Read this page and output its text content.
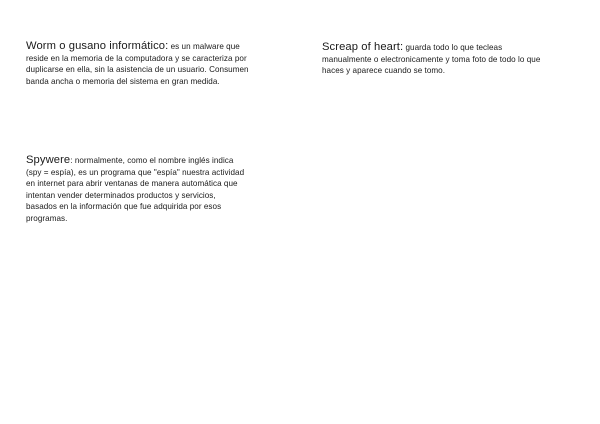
Worm o gusano informático: es un malware que
reside en la memoria de la computadora y se caracteriza por
duplicarse en ella, sin la asistencia de un usuario. Consumen
banda ancha o memoria del sistema en gran medida.
Screap of heart: guarda todo lo que tecleas
manualmente o electronicamente y toma foto de todo lo que
haces y aparece cuando se tomo.
Spywere: normalmente, como el nombre inglés indica
(spy = espía), es un programa que "espía" nuestra actividad
en internet para abrir ventanas de manera automática que
intentan vender determinados productos y servicios,
basados en la información que fue adquirida por esos
programas.
